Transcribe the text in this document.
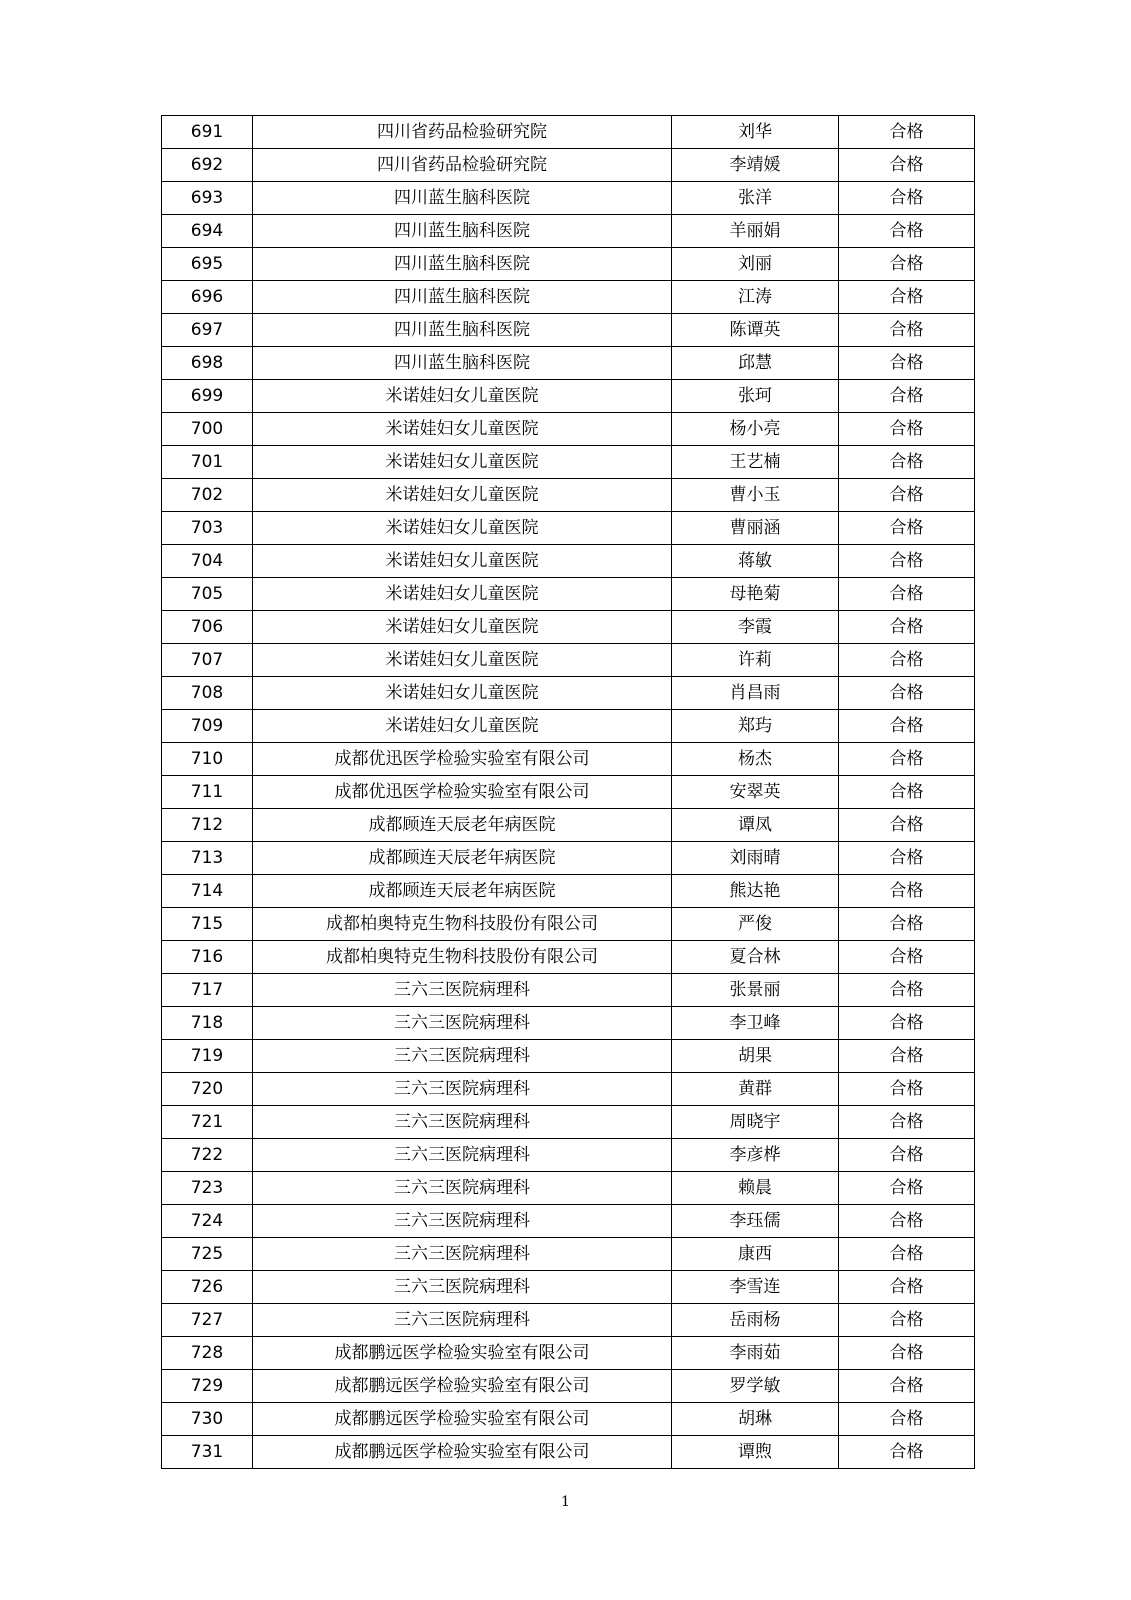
691	四川省药品检验研究院	刘华	合格
692	四川省药品检验研究院	李靖媛	合格
693	四川蓝生脑科医院	张洋	合格
694	四川蓝生脑科医院	羊丽娟	合格
695	四川蓝生脑科医院	刘丽	合格
696	四川蓝生脑科医院	江涛	合格
697	四川蓝生脑科医院	陈谭英	合格
698	四川蓝生脑科医院	邱慧	合格
699	米诺娃妇女儿童医院	张珂	合格
700	米诺娃妇女儿童医院	杨小亮	合格
701	米诺娃妇女儿童医院	王艺楠	合格
702	米诺娃妇女儿童医院	曹小玉	合格
703	米诺娃妇女儿童医院	曹丽涵	合格
704	米诺娃妇女儿童医院	蒋敏	合格
705	米诺娃妇女儿童医院	母艳菊	合格
706	米诺娃妇女儿童医院	李霞	合格
707	米诺娃妇女儿童医院	许莉	合格
708	米诺娃妇女儿童医院	肖昌雨	合格
709	米诺娃妇女儿童医院	郑玙	合格
710	成都优迅医学检验实验室有限公司	杨杰	合格
711	成都优迅医学检验实验室有限公司	安翠英	合格
712	成都顾连天辰老年病医院	谭凤	合格
713	成都顾连天辰老年病医院	刘雨晴	合格
714	成都顾连天辰老年病医院	熊达艳	合格
715	成都柏奥特克生物科技股份有限公司	严俊	合格
716	成都柏奥特克生物科技股份有限公司	夏合林	合格
717	三六三医院病理科	张景丽	合格
718	三六三医院病理科	李卫峰	合格
719	三六三医院病理科	胡果	合格
720	三六三医院病理科	黄群	合格
721	三六三医院病理科	周晓宇	合格
722	三六三医院病理科	李彦桦	合格
723	三六三医院病理科	赖晨	合格
724	三六三医院病理科	李珏儒	合格
725	三六三医院病理科	康西	合格
726	三六三医院病理科	李雪连	合格
727	三六三医院病理科	岳雨杨	合格
728	成都鹏远医学检验实验室有限公司	李雨茹	合格
729	成都鹏远医学检验实验室有限公司	罗学敏	合格
730	成都鹏远医学检验实验室有限公司	胡琳	合格
731	成都鹏远医学检验实验室有限公司	谭煦	合格
1
